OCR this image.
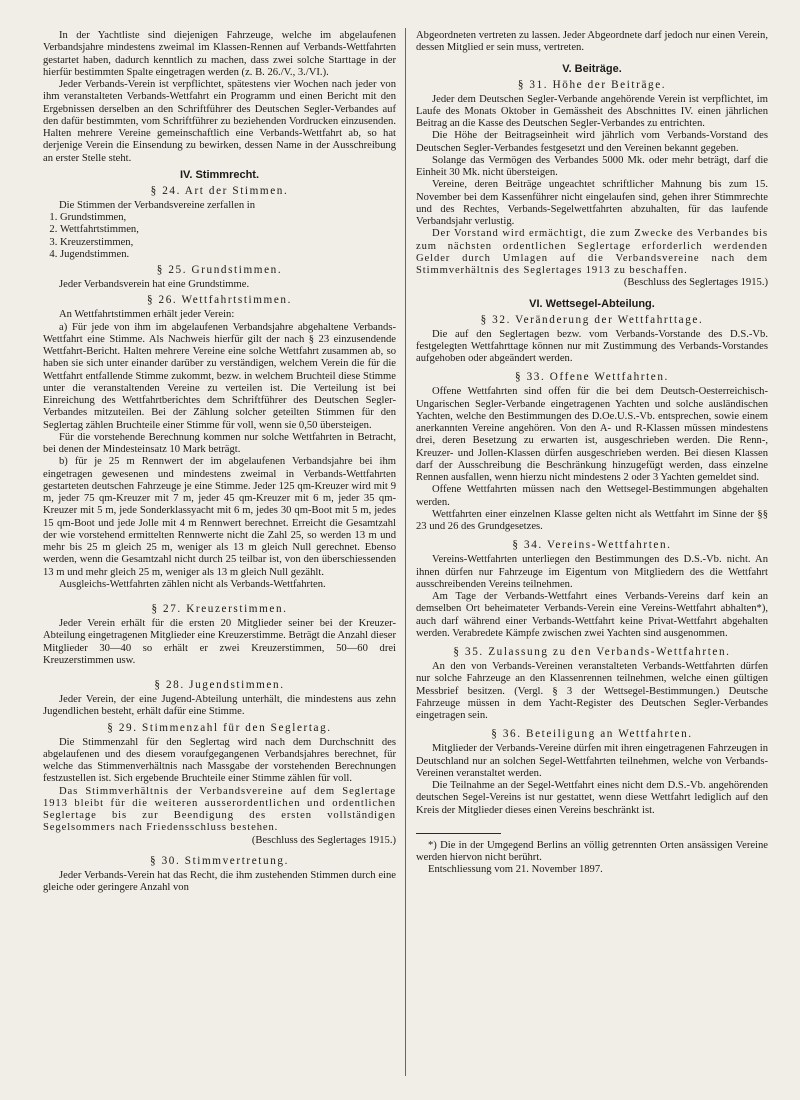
In der Yachtliste sind diejenigen Fahrzeuge, welche im abgelaufenen Verbandsjahre mindestens zweimal im Klassen-Rennen auf Verbands-Wettfahrten gestartet haben, dadurch kenntlich zu machen, dass zwei solche Starttage in der hierfür bestimmten Spalte eingetragen werden (z. B. 26./V., 3./VI.).

Jeder Verbands-Verein ist verpflichtet, spätestens vier Wochen nach jeder von ihm veranstalteten Verbands-Wettfahrt ein Programm und einen Bericht mit den Ergebnissen derselben an den Schriftführer des Deutschen Segler-Verbandes auf den dafür bestimmten, vom Schriftführer zu beziehenden Vordrucken einzusenden. Halten mehrere Vereine gemeinschaftlich eine Verbands-Wettfahrt ab, so hat derjenige Verein die Einsendung zu bewirken, dessen Name in der Ausschreibung an erster Stelle steht.

IV. Stimmrecht.
§ 24. Art der Stimmen.

Die Stimmen der Verbandsvereine zerfallen in

1. Grundstimmen,
2. Wettfahrtstimmen,
3. Kreuzerstimmen,
4. Jugendstimmen.
§ 25. Grundstimmen.

Jeder Verbandsverein hat eine Grundstimme.

§ 26. Wettfahrtstimmen.

An Wettfahrtstimmen erhält jeder Verein:

a) Für jede von ihm im abgelaufenen Verbandsjahre abgehaltene Verbands-Wettfahrt eine Stimme. Als Nachweis hierfür gilt der nach § 23 einzusendende Wettfahrt-Bericht. Halten mehrere Vereine eine solche Wettfahrt zusammen ab, so haben sie sich unter einander darüber zu verständigen, welchem Verein die für die Wettfahrt entfallende Stimme zukommt, bezw. in welchem Bruchteil diese Stimme unter die veranstaltenden Vereine zu verteilen ist. Die Verteilung ist bei Einreichung des Wettfahrtberichtes dem Schriftführer des Deutschen Segler-Verbandes mitzuteilen. Bei der Zählung solcher geteilten Stimmen für den Seglertag zählen Bruchteile einer Stimme für voll, wenn sie 0,50 übersteigen.

Für die vorstehende Berechnung kommen nur solche Wettfahrten in Betracht, bei denen der Mindesteinsatz 10 Mark beträgt.

b) für je 25 m Rennwert der im abgelaufenen Verbandsjahre bei ihm eingetragen gewesenen und mindestens zweimal in Verbands-Wettfahrten gestarteten deutschen Fahrzeuge je eine Stimme. Jeder 125 qm-Kreuzer wird mit 9 m, jeder 75 qm-Kreuzer mit 7 m, jeder 45 qm-Kreuzer mit 6 m, jeder 35 qm-Kreuzer mit 5 m, jede Sonderklassyacht mit 6 m, jedes 30 qm-Boot mit 5 m, jedes 15 qm-Boot und jede Jolle mit 4 m Rennwert berechnet. Erreicht die Gesamtzahl der wie vorstehend ermittelten Rennwerte nicht die Zahl 25, so werden 13 m und mehr bis 25 m gleich 25 m, weniger als 13 m gleich Null gerechnet. Ebenso werden, wenn die Gesamtzahl nicht durch 25 teilbar ist, von den überschiessenden 13 m und mehr gleich 25 m, weniger als 13 m gleich Null gezählt.

Ausgleichs-Wettfahrten zählen nicht als Verbands-Wettfahrten.

§ 27. Kreuzerstimmen.

Jeder Verein erhält für die ersten 20 Mitglieder seiner bei der Kreuzer-Abteilung eingetragenen Mitglieder eine Kreuzerstimme. Beträgt die Anzahl dieser Mitglieder 30—40 so erhält er zwei Kreuzerstimmen, 50—60 drei Kreuzerstimmen usw.

§ 28. Jugendstimmen.

Jeder Verein, der eine Jugend-Abteilung unterhält, die mindestens aus zehn Jugendlichen besteht, erhält dafür eine Stimme.

§ 29. Stimmenzahl für den Seglertag.

Die Stimmenzahl für den Seglertag wird nach dem Durchschnitt des abgelaufenen und des diesem voraufgegangenen Verbandsjahres berechnet, für welche das Stimmenverhältnis nach Massgabe der vorstehenden Berechnungen festzustellen ist. Sich ergebende Bruchteile einer Stimme zählen für voll.

Das Stimmverhältnis der Verbandsvereine auf dem Seglertage 1913 bleibt für die weiteren ausserordentlichen und ordentlichen Seglertage bis zur Beendigung des ersten vollständigen Segelsommers nach Friedensschluss bestehen.

(Beschluss des Seglertages 1915.)

§ 30. Stimmvertretung.

Jeder Verbands-Verein hat das Recht, die ihm zustehenden Stimmen durch eine gleiche oder geringere Anzahl von

Abgeordneten vertreten zu lassen. Jeder Abgeordnete darf jedoch nur einen Verein, dessen Mitglied er sein muss, vertreten.

V. Beiträge.
§ 31. Höhe der Beiträge.

Jeder dem Deutschen Segler-Verbande angehörende Verein ist verpflichtet, im Laufe des Monats Oktober in Gemässheit des Abschnittes IV. einen jährlichen Beitrag an die Kasse des Deutschen Segler-Verbandes zu entrichten.

Die Höhe der Beitragseinheit wird jährlich vom Verbands-Vorstand des Deutschen Segler-Verbandes festgesetzt und den Vereinen bekannt gegeben.

Solange das Vermögen des Verbandes 5000 Mk. oder mehr beträgt, darf die Einheit 30 Mk. nicht übersteigen.

Vereine, deren Beiträge ungeachtet schriftlicher Mahnung bis zum 15. November bei dem Kassenführer nicht eingelaufen sind, gehen ihrer Stimmrechte und des Rechtes, Verbands-Segelwettfahrten abzuhalten, für das laufende Verbandsjahr verlustig.

Der Vorstand wird ermächtigt, die zum Zwecke des Verbandes bis zum nächsten ordentlichen Seglertage erforderlich werdenden Gelder durch Umlagen auf die Verbandsvereine nach dem Stimmverhältnis des Seglertages 1913 zu beschaffen.

(Beschluss des Seglertages 1915.)

VI. Wettsegel-Abteilung.
§ 32. Veränderung der Wettfahrttage.

Die auf den Seglertagen bezw. vom Verbands-Vorstande des D.S.-Vb. festgelegten Wettfahrttage können nur mit Zustimmung des Verbands-Vorstandes aufgehoben oder abgeändert werden.

§ 33. Offene Wettfahrten.

Offene Wettfahrten sind offen für die bei dem Deutsch-Oesterreichisch-Ungarischen Segler-Verbande eingetragenen Yachten und solche ausländischen Yachten, welche den Bestimmungen des D.Oe.U.S.-Vb. entsprechen, sowie einem anerkannten Vereine angehören. Von den A- und R-Klassen müssen mindestens drei, deren Besetzung zu erwarten ist, ausgeschrieben werden. Die Renn-, Kreuzer- und Jollen-Klassen dürfen ausgeschrieben werden. Bei diesen Klassen darf der Ausschreibung die Beschränkung hinzugefügt werden, dass einzelne Rennen ausfallen, wenn hierzu nicht mindestens 2 oder 3 Yachten gemeldet sind.

Offene Wettfahrten müssen nach den Wettsegel-Bestimmungen abgehalten werden.

Wettfahrten einer einzelnen Klasse gelten nicht als Wettfahrt im Sinne der §§ 23 und 26 des Grundgesetzes.

§ 34. Vereins-Wettfahrten.

Vereins-Wettfahrten unterliegen den Bestimmungen des D.S.-Vb. nicht. An ihnen dürfen nur Fahrzeuge im Eigentum von Mitgliedern des die Wettfahrt ausschreibenden Vereins teilnehmen.

Am Tage der Verbands-Wettfahrt eines Verbands-Vereins darf kein an demselben Ort beheimateter Verbands-Verein eine Vereins-Wettfahrt abhalten*), auch darf während einer Verbands-Wettfahrt keine Privat-Wettfahrt abgehalten werden. Verabredete Kämpfe zwischen zwei Yachten sind ausgenommen.

§ 35. Zulassung zu den Verbands-Wettfahrten.

An den von Verbands-Vereinen veranstalteten Verbands-Wettfahrten dürfen nur solche Fahrzeuge an den Klassenrennen teilnehmen, welche einen gültigen Messbrief besitzen. (Vergl. § 3 der Wettsegel-Bestimmungen.) Deutsche Fahrzeuge müssen in dem Yacht-Register des Deutschen Segler-Verbandes eingetragen sein.

§ 36. Beteiligung an Wettfahrten.

Mitglieder der Verbands-Vereine dürfen mit ihren eingetragenen Fahrzeugen in Deutschland nur an solchen Segel-Wettfahrten teilnehmen, welche von Verbands-Vereinen veranstaltet werden.

Die Teilnahme an der Segel-Wettfahrt eines nicht dem D.S.-Vb. angehörenden deutschen Segel-Vereins ist nur gestattet, wenn diese Wettfahrt lediglich auf den Kreis der Mitglieder dieses einen Vereins beschränkt ist.

*) Die in der Umgegend Berlins an völlig getrennten Orten ansässigen Vereine werden hiervon nicht berührt.

Entschliessung vom 21. November 1897.
